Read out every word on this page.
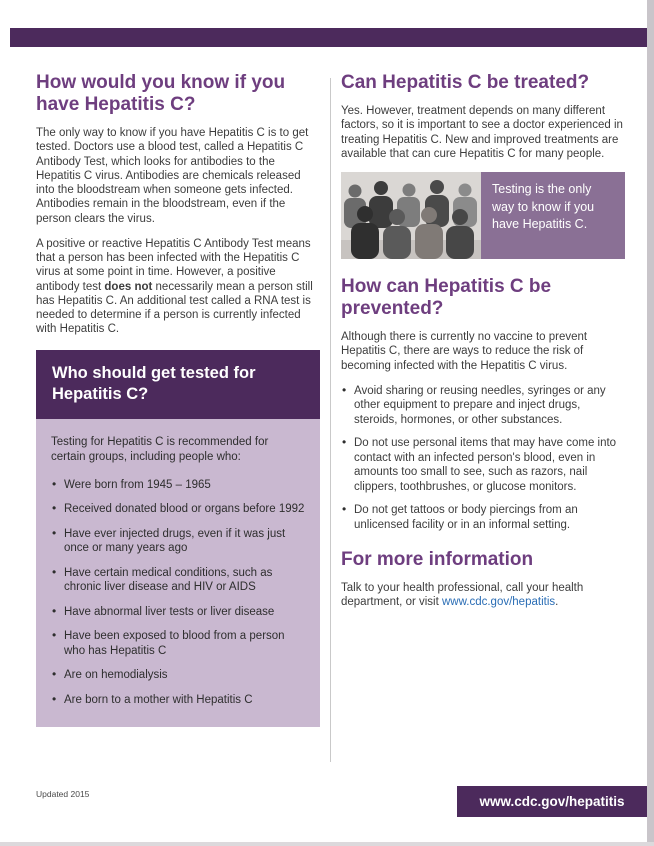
How would you know if you have Hepatitis C?

The only way to know if you have Hepatitis C is to get tested. Doctors use a blood test, called a Hepatitis C Antibody Test, which looks for antibodies to the Hepatitis C virus. Antibodies are chemicals released into the bloodstream when someone gets infected. Antibodies remain in the bloodstream, even if the person clears the virus.

A positive or reactive Hepatitis C Antibody Test means that a person has been infected with the Hepatitis C virus at some point in time. However, a positive antibody test does not necessarily mean a person still has Hepatitis C. An additional test called a RNA test is needed to determine if a person is currently infected with Hepatitis C.

Who should get tested for Hepatitis C?

Testing for Hepatitis C is recommended for certain groups, including people who:

• Were born from 1945 – 1965
• Received donated blood or organs before 1992
• Have ever injected drugs, even if it was just once or many years ago
• Have certain medical conditions, such as chronic liver disease and HIV or AIDS
• Have abnormal liver tests or liver disease
• Have been exposed to blood from a person who has Hepatitis C
• Are on hemodialysis
• Are born to a mother with Hepatitis C
Can Hepatitis C be treated?

Yes. However, treatment depends on many different factors, so it is important to see a doctor experienced in treating Hepatitis C. New and improved treatments are available that can cure Hepatitis C for many people.

Testing is the only way to know if you have Hepatitis C.
How can Hepatitis C be prevented?

Although there is currently no vaccine to prevent Hepatitis C, there are ways to reduce the risk of becoming infected with the Hepatitis C virus.

• Avoid sharing or reusing needles, syringes or any other equipment to prepare and inject drugs, steroids, hormones, or other substances.
• Do not use personal items that may have come into contact with an infected person's blood, even in amounts too small to see, such as razors, nail clippers, toothbrushes, or glucose monitors.
• Do not get tattoos or body piercings from an unlicensed facility or in an informal setting.
For more information

Talk to your health professional, call your health department, or visit www.cdc.gov/hepatitis.

Updated 2015	www.cdc.gov/hepatitis
